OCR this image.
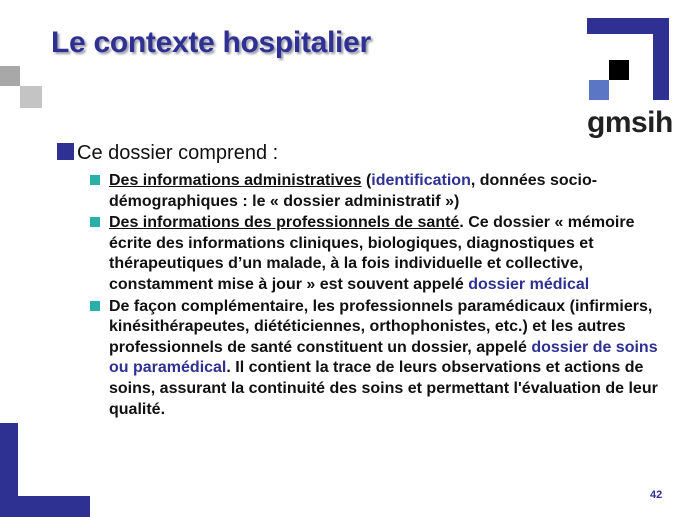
Le contexte hospitalier
gmsih
Ce dossier comprend :
Des informations administratives (identification, données socio-démographiques : le « dossier administratif »)
Des informations des professionnels de santé. Ce dossier « mémoire écrite des informations cliniques, biologiques, diagnostiques et thérapeutiques d’un malade, à la fois individuelle et collective, constamment mise à jour » est souvent appelé dossier médical
De façon complémentaire, les professionnels paramédicaux (infirmiers, kinésithérapeutes, diététiciennes, orthophonistes, etc.) et les autres professionnels de santé constituent un dossier, appelé dossier de soins ou paramédical. Il contient la trace de leurs observations et actions de soins, assurant la continuité des soins et permettant l'évaluation de leur qualité.
42
